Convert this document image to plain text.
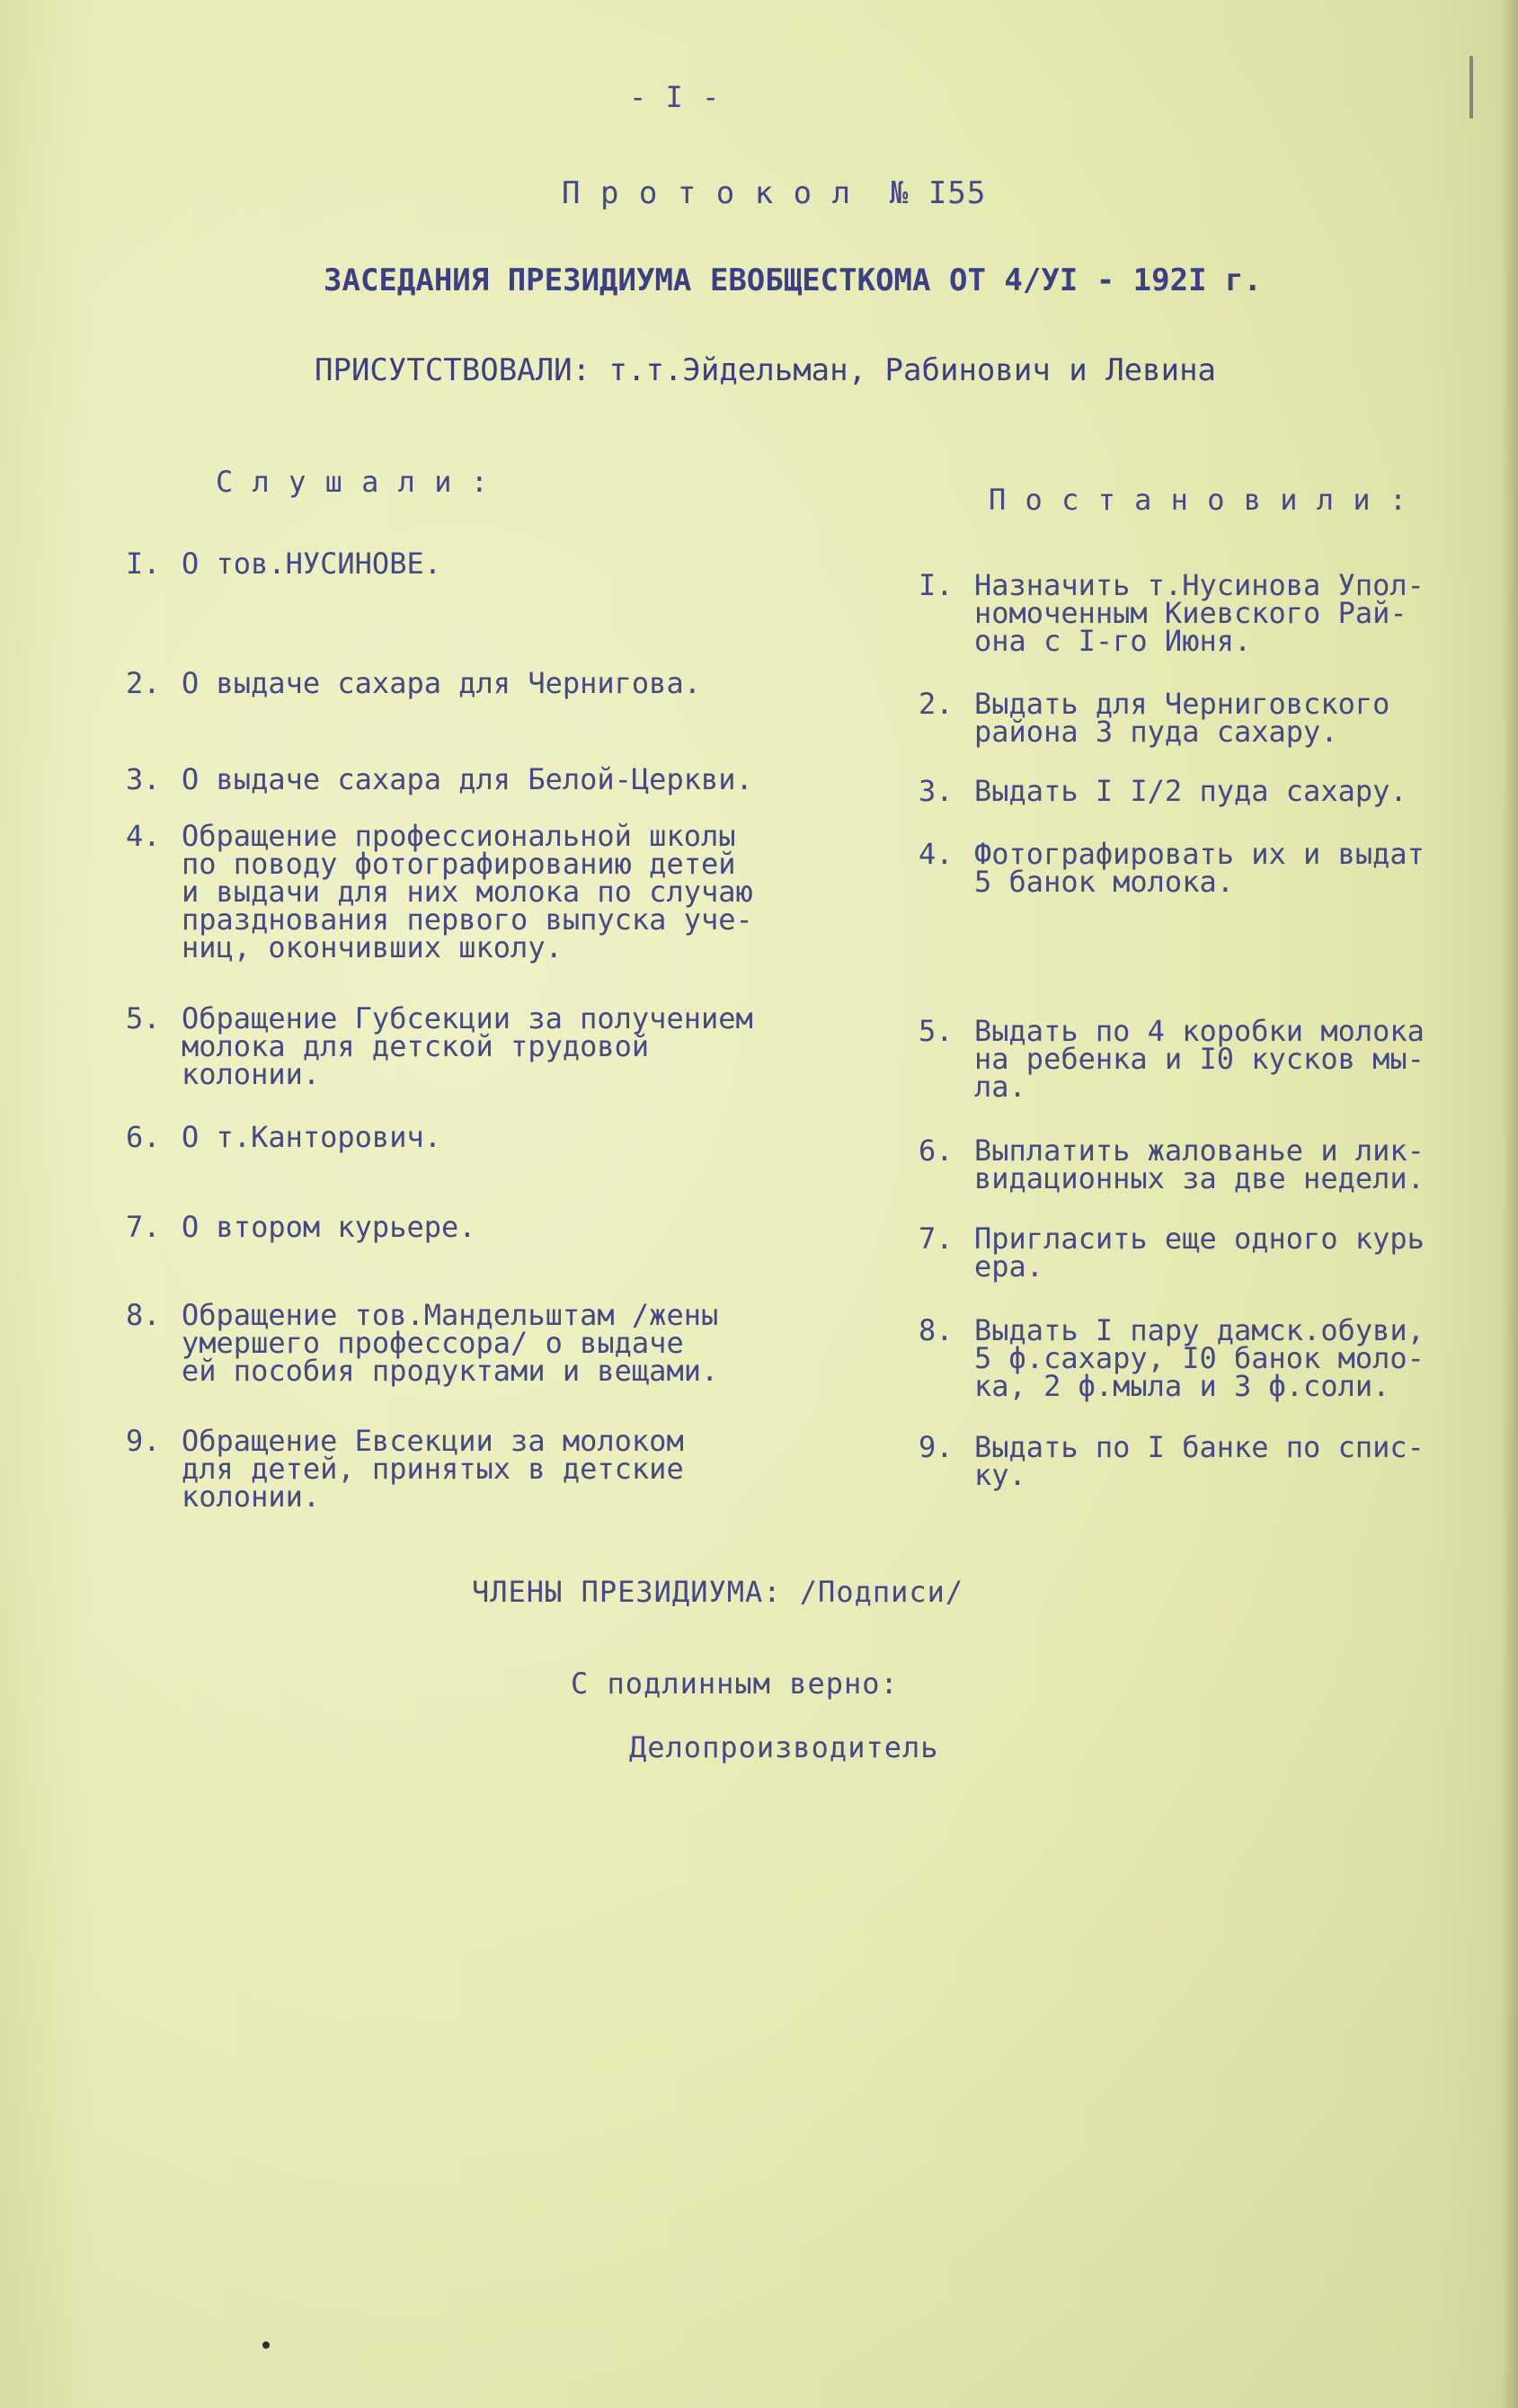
- I -
П р о т о к о л  № I55
ЗАСЕДАНИЯ ПРЕЗИДИУМА ЕВОБЩЕСТКОМА ОТ 4/УI - 192I г.
ПРИСУТСТВОВАЛИ: т.т.Эйдельман, Рабинович и Левина
С л у ш а л и :
П о с т а н о в и л и :
I. О тов.НУСИНОВЕ.
2. О выдаче сахара для Чернигова.
3. О выдаче сахара для Белой-Церкви.
4. Обращение профессиональной школы
по поводу фотографированию детей
и выдачи для них молока по случаю
празднования первого выпуска уче-
ниц, окончивших школу.
5. Обращение Губсекции за получением
молока для детской трудовой
колонии.
6. О т.Канторович.
7. О втором курьере.
8. Обращение тов.Мандельштам /жены
умершего профессора/ о выдаче
ей пособия продуктами и вещами.
9. Обращение Евсекции за молоком
для детей, принятых в детские
колонии.
I. Назначить т.Нусинова Упол-
номоченным Киевского Рай-
она с I-го Июня.
2. Выдать для Черниговского
района 3 пуда сахару.
3. Выдать I I/2 пуда сахару.
4. Фотографировать их и выдат
5 банок молока.
5. Выдать по 4 коробки молока
на ребенка и I0 кусков мы-
ла.
6. Выплатить жалованье и лик-
видационных за две недели.
7. Пригласить еще одного курь
ера.
8. Выдать I пару дамск.обуви,
5 ф.сахару, I0 банок моло-
ка, 2 ф.мыла и 3 ф.соли.
9. Выдать по I банке по спис-
ку.
ЧЛЕНЫ ПРЕЗИДИУМА: /Подписи/
С подлинным верно:
Делопроизводитель
